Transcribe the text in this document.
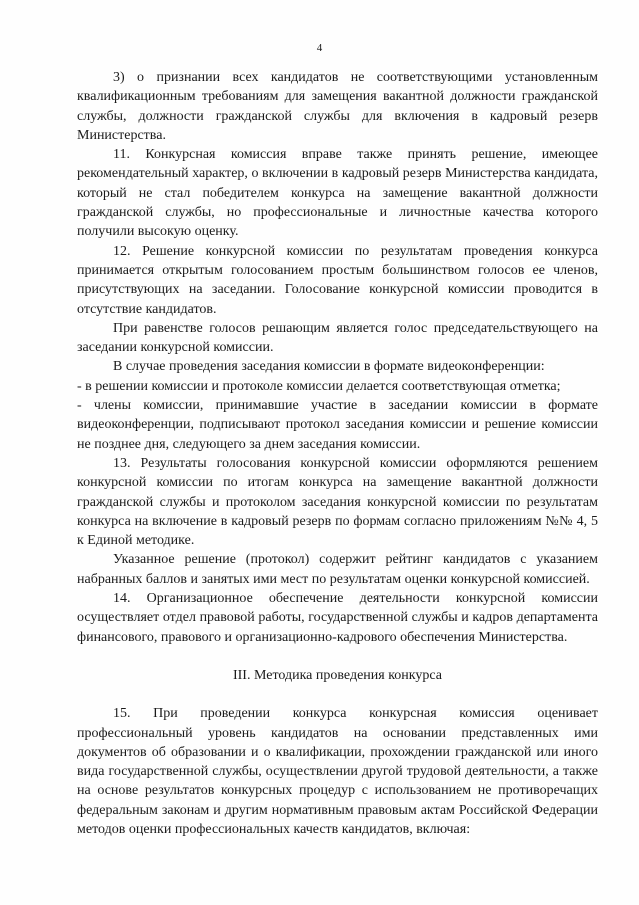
4

3) о признании всех кандидатов не соответствующими установленным квалификационным требованиям для замещения вакантной должности гражданской службы, должности гражданской службы для включения в кадровый резерв Министерства.

11. Конкурсная комиссия вправе также принять решение, имеющее рекомендательный характер, о включении в кадровый резерв Министерства кандидата, который не стал победителем конкурса на замещение вакантной должности гражданской службы, но профессиональные и личностные качества которого получили высокую оценку.

12. Решение конкурсной комиссии по результатам проведения конкурса принимается открытым голосованием простым большинством голосов ее членов, присутствующих на заседании. Голосование конкурсной комиссии проводится в отсутствие кандидатов.

При равенстве голосов решающим является голос председательствующего на заседании конкурсной комиссии.

В случае проведения заседания комиссии в формате видеоконференции:

- в решении комиссии и протоколе комиссии делается соответствующая отметка;

- члены комиссии, принимавшие участие в заседании комиссии в формате видеоконференции, подписывают протокол заседания комиссии и решение комиссии не позднее дня, следующего за днем заседания комиссии.

13. Результаты голосования конкурсной комиссии оформляются решением конкурсной комиссии по итогам конкурса на замещение вакантной должности гражданской службы и протоколом заседания конкурсной комиссии по результатам конкурса на включение в кадровый резерв по формам согласно приложениям №№ 4, 5 к Единой методике.

Указанное решение (протокол) содержит рейтинг кандидатов с указанием набранных баллов и занятых ими мест по результатам оценки конкурсной комиссией.

14. Организационное обеспечение деятельности конкурсной комиссии осуществляет отдел правовой работы, государственной службы и кадров департамента финансового, правового и организационно-кадрового обеспечения Министерства.

III. Методика проведения конкурса

15. При проведении конкурса конкурсная комиссия оценивает профессиональный уровень кандидатов на основании представленных ими документов об образовании и о квалификации, прохождении гражданской или иного вида государственной службы, осуществлении другой трудовой деятельности, а также на основе результатов конкурсных процедур с использованием не противоречащих федеральным законам и другим нормативным правовым актам Российской Федерации методов оценки профессиональных качеств кандидатов, включая:
